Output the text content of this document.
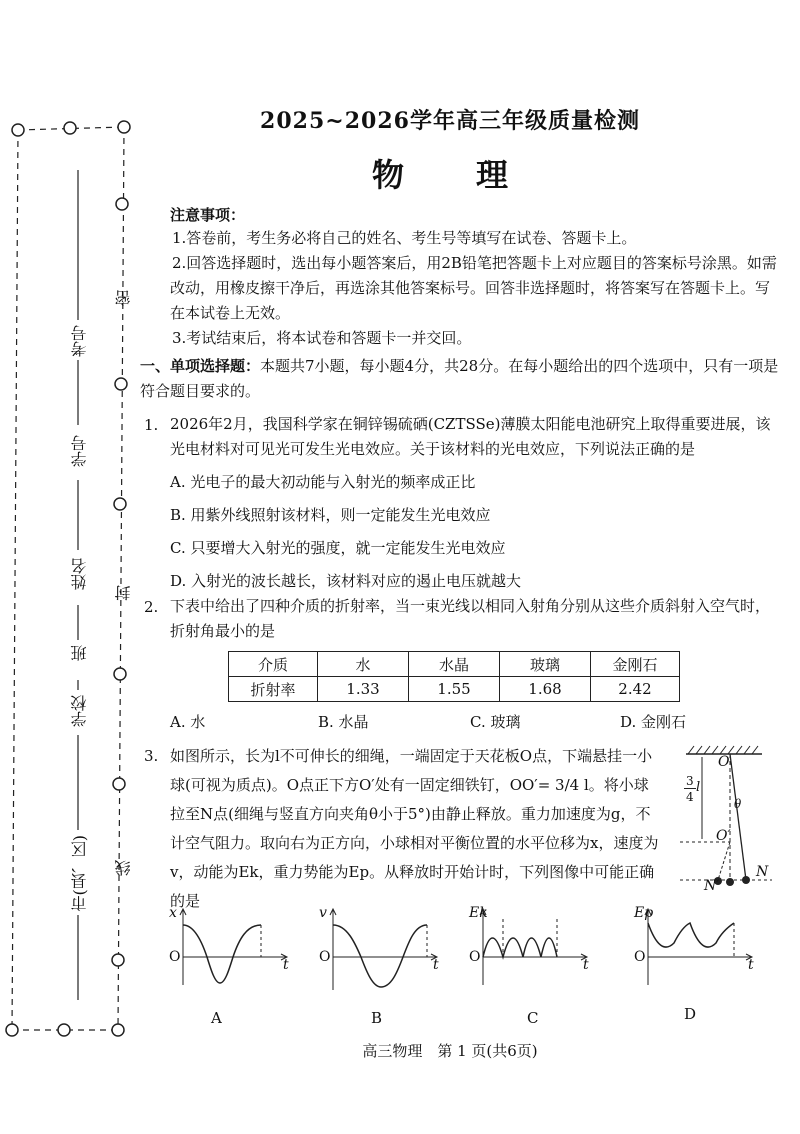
考号
学号
姓名
班
学校
市(县、区)
密
封
线
2025~2026学年高三年级质量检测
物　理
注意事项：
1.答卷前，考生务必将自己的姓名、考生号等填写在试卷、答题卡上。
2.回答选择题时，选出每小题答案后，用2B铅笔把答题卡上对应题目的答案标号涂黑。如需改动，用橡皮擦干净后，再选涂其他答案标号。回答非选择题时，将答案写在答题卡上。写在本试卷上无效。
3.考试结束后，将本试卷和答题卡一并交回。
一、单项选择题：本题共7小题，每小题4分，共28分。在每小题给出的四个选项中，只有一项是符合题目要求的。
1. 2026年2月，我国科学家在铜锌锡硫硒(CZTSSe)薄膜太阳能电池研究上取得重要进展，该光电材料对可见光可发生光电效应。关于该材料的光电效应，下列说法正确的是
A. 光电子的最大初动能与入射光的频率成正比
B. 用紫外线照射该材料，则一定能发生光电效应
C. 只要增大入射光的强度，就一定能发生光电效应
D. 入射光的波长越长，该材料对应的遏止电压就越大
2. 下表中给出了四种介质的折射率，当一束光线以相同入射角分别从这些介质斜射入空气时，折射角最小的是
介质	水	水晶	玻璃	金刚石
折射率	1.33	1.55	1.68	2.42
A. 水	B. 水晶	C. 玻璃	D. 金刚石
3. 如图所示，长为l不可伸长的细绳，一端固定于天花板O点，下端悬挂一小球(可视为质点)。O点正下方O′处有一固定细铁钉，OO′= 3/4 l。将小球拉至N点(细绳与竖直方向夹角θ小于5°)由静止释放。重力加速度为g，不计空气阻力。取向右为正方向，小球相对平衡位置的水平位移为x，速度为v，动能为Ek，重力势能为Ep。从释放时开始计时，下列图像中可能正确的是
O
O′
θ
N
N′
3
4
l
x
O	t
A
v
O	t
B
Ek
O	t
C
Ep
O	t
D
高三物理　第 1 页(共6页)
